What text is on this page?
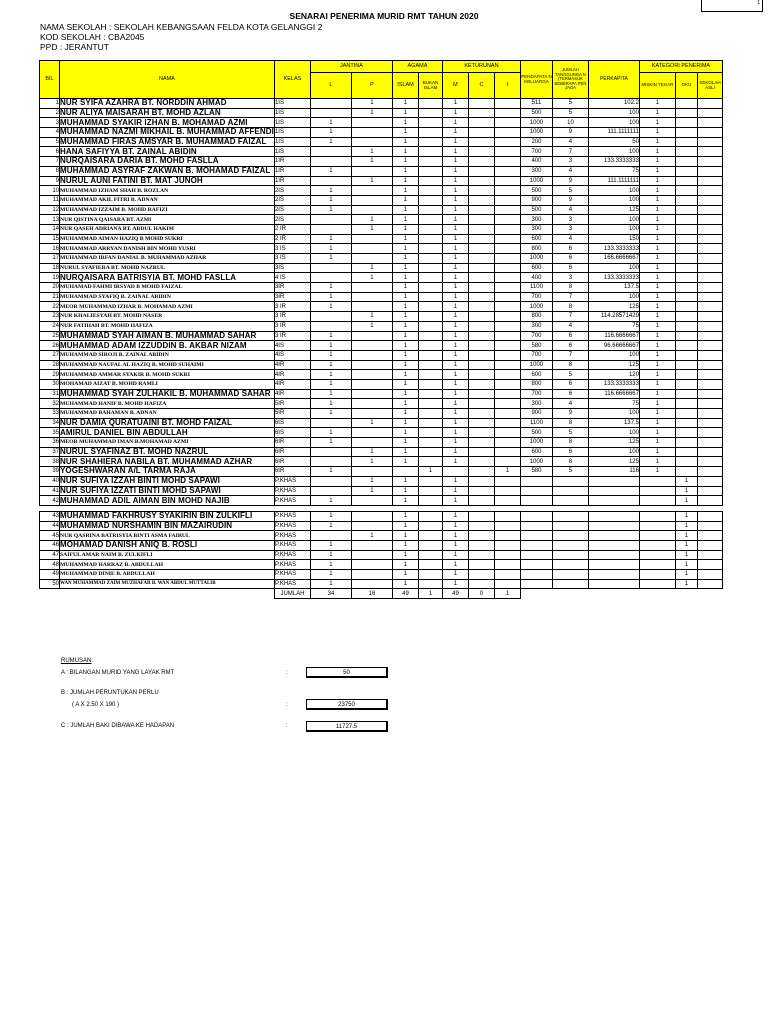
1
SENARAI PENERIMA MURID RMT TAHUN 2020
NAMA SEKOLAH : SEKOLAH KEBANGSAAN FELDA KOTA GELANGGI 2
KOD SEKOLAH : CBA2045
PPD : JERANTUT
BIL	NAMA	KELAS	JANTINA		AGAMA		KETURUNAN			PENDAPATA N KELUARGA	JUMLAH TANGGUNGA N (TERMASUK BEBERAPA PEN JAGA	PERKAPITA	KATEGORI PENERIMA		
			L	P	ISLAM	BUKAN ISLAM	M	C	I				MISKIN TEGAR	OKU	SEKOLAH ASLI
1	NUR SYIFA AZAHRA BT. NORDDIN AHMAD	1IS		1	1		1			511	5	102.2	1		
2	NUR ALIYA MAISARAH BT. MOHD AZLAN	1IS		1	1		1			500	5	100	1		
3	MUHAMMAD SYAKIR IZHAN B. MOHAMAD AZMI	1IS	1		1		1			1000	10	100	1		
4	MUHAMMAD NAZMI MIKHAIL B. MUHAMMAD AFFENDI	1IS	1		1		1			1000	9	111.1111111	1		
5	MUHAMMAD FIRAS AMSYAR B. MUHAMMAD FAIZAL	1IS	1		1		1			200	4	50	1		
6	HANA SAFIYYA BT. ZAINAL ABIDIN	1IS		1	1		1			700	7	100	1		
7	NURQAISARA DARIA BT. MOHD FASLLA	1IR		1	1		1			400	3	133.3333333	1		
8	MUHAMMAD ASYRAF ZAKWAN B. MOHAMAD FAIZAL	1IR	1		1		1			300	4	75	1		
9	NURUL AUNI FATINI BT. MAT JUNOH	1IR		1	1		1			1000	9	111.1111111	1		
10	MUHAMMAD IZHAM SHAH B. ROZLAN	2IS	1		1		1			500	5	100	1		
11	MUHAMMAD AKIL FITRI B. ADNAN	2IS	1		1		1			900	9	100	1		
12	MUHAMMAD IZZAIM B. MOHD RAFIZI	2IS	1		1		1			500	4	125	1		
13	NUR QISTINA QAISARA BT. AZMI	2IS		1	1		1			300	3	100	1		
14	NUR QASEH ADRIANA BT. ABDUL HAKIM	2 IR		1	1		1			300	3	100	1		
15	MUHAMMAD AIMAN HAZIQ B MOHD SUKRI	2 IR	1		1		1			600	4	150	1		
16	MUHAMMAD ARRYAN DANISH BIN MOHD YUSRI	3 IS	1		1		1			800	6	133.3333333	1		
17	MUHAMMAD IRFAN DANIAL B. MUHAMMAD AZHAR	3 IS	1		1		1			1000	6	166.6666667	1		
18	NURUL SYAFIERA BT. MOHD NAZRUL	3IS		1	1		1			600	6	100	1		
19	NURQAISARA BATRISYIA BT. MOHD FASLLA	4 IS		1	1		1			400	3	133.3333333	1		
20	MUHAMAD FAHMI IRSYAD B MOHD FAIZAL	3IR	1		1		1			1100	8	137.5	1		
21	MUHAMMAD SYAFIQ B. ZAINAL ABIDIN	3IR	1		1		1			700	7	100	1		
22	MEOR MUHAMMAD IZHAR B. MOHAMAD AZMI	3 IR	1		1		1			1000	8	125	1		
23	NUR KHALIESYAH BT. MOHD NASER	3 IR		1	1		1			800	7	114.28571429	1		
24	NUR FATIHAH BT. MOHD HAFIZA	3 IR		1	1		1			300	4	75	1		
25	MUHAMMAD SYAH AIMAN B. MUHAMMAD SAHAR	3 IR	1		1		1			700	6	116.6666667	1		
26	MUHAMMAD ADAM IZZUDDIN B. AKBAR NIZAM	4IS	1		1		1			580	6	96.66666667	1		
27	MUHAMMAD SIROJI B. ZAINAL ABIDIN	4IS	1		1		1			700	7	100	1		
28	MUHAMMAD NAUFAL AL HAZIQ B. MOHD SUHAIMI	4IR	1		1		1			1000	8	125	1		
29	MUHAMMAD AMMAR SYAKIR B. MOHD SUKRI	4IR	1		1		1			600	5	120	1		
30	MOHAMAD AIZAT B. MOHD RAMLI	4IR	1		1		1			800	6	133.3333333	1		
31	MUHAMMAD SYAH ZULHAKIL B. MUHAMMAD SAHAR	4IR	1		1		1			700	6	116.6666667	1		
32	MUHAMMAD HANIF B. MOHD HAFIZA	5IR	1		1		1			300	4	75	1		
33	MUHAMMAD BAHAMAN B. ADNAN	5IR	1		1		1			900	9	100	1		
34	NUR DAMIA QURATUAINI BT. MOHD FAIZAL	6IS		1	1		1			1100	8	137.5	1		
35	AMIRUL DANIEL BIN ABDULLAH	6IS	1		1		1			500	5	100	1		
36	MEOR MUHAMMAD IMAN B.MOHAMAD AZMI	6IR	1		1		1			1000	8	125	1		
37	NURUL SYAFINAZ BT. MOHD NAZRUL	6IR		1	1		1			600	6	100	1		
38	NUR SHAHIERA NABILA BT. MUHAMMAD AZHAR	6IR		1	1		1			1000	8	125	1		
39	YOGESHWARAN A/L TARMA RAJA	6IR	1			1			1	580	5	116	1		
40	NUR SUFIYA IZZAH BINTI MOHD SAPAWI	P.KHAS		1	1		1							1	
41	NUR SUFIYA IZZATI BINTI MOHD SAPAWI	P.KHAS		1	1		1							1	
42	MUHAMMAD ADIL AIMAN BIN MOHD NAJIB	P.KHAS	1		1		1							1	

43	MUHAMMAD FAKHRUSY SYAKIRIN BIN ZULKIFLI	P.KHAS	1		1		1							1	
44	MUHAMMAD NURSHAMIN BIN MAZAIRUDIN	P.KHAS	1		1		1							1	
45	NUR QASRINA BATRISYIA BINTI ASMA FAIRUL	P.KHAS		1	1		1							1	
46	MOHAMAD DANISH ANIQ B. ROSLI	P.KHAS	1		1		1							1	
47	SAIFUL AMAR NAIM B. ZULKIFLI	P.KHAS	1		1		1							1	
48	MUHAMMAD HARRAZ B. ABDULLAH	P.KHAS	1		1		1							1	
49	MUHAMMAD DINIE B. ABDULLAH	P.KHAS	1		1		1							1	
50	WAN MUHAMMAD ZAIM MUZHAFAR B. WAN ABDUL MUTTALIB	P.KHAS	1		1		1							1	
		JUMLAH	34	16	49	1	49	0	1						
RUMUSAN
A : BILANGAN MURID YANG LAYAK RMT	:	50
B : JUMLAH PERUNTUKAN PERLU
( A X 2.50 X 190 )	:	23750
C : JUMLAH BAKI DIBAWA KE HADAPAN	:	11727.5
